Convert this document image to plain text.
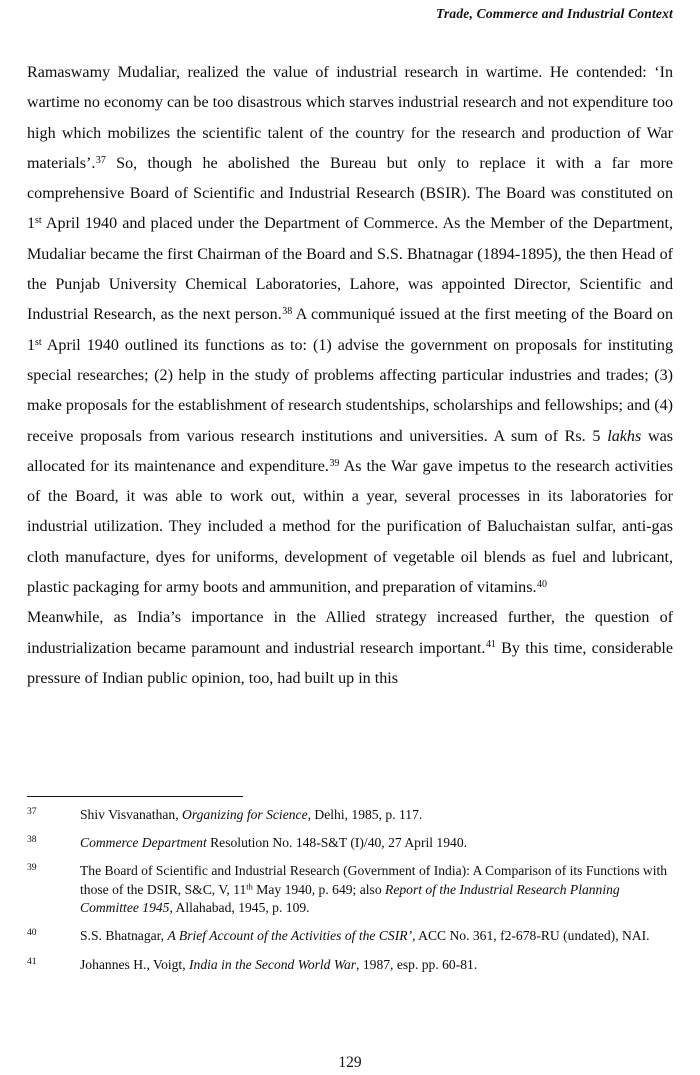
Trade, Commerce and Industrial Context

Ramaswamy Mudaliar, realized the value of industrial research in wartime. He contended: ‘In wartime no economy can be too disastrous which starves industrial research and not expenditure too high which mobilizes the scientific talent of the country for the research and production of War materials’.$^{37}$ So, though he abolished the Bureau but only to replace it with a far more comprehensive Board of Scientific and Industrial Research (BSIR). The Board was constituted on 1st April 1940 and placed under the Department of Commerce. As the Member of the Department, Mudaliar became the first Chairman of the Board and S.S. Bhatnagar (1894-1895), the then Head of the Punjab University Chemical Laboratories, Lahore, was appointed Director, Scientific and Industrial Research, as the next person.$^{38}$ A communiqué issued at the first meeting of the Board on 1st April 1940 outlined its functions as to: (1) advise the government on proposals for instituting special researches; (2) help in the study of problems affecting particular industries and trades; (3) make proposals for the establishment of research studentships, scholarships and fellowships; and (4) receive proposals from various research institutions and universities. A sum of Rs. 5 lakhs was allocated for its maintenance and expenditure.$^{39}$ As the War gave impetus to the research activities of the Board, it was able to work out, within a year, several processes in its laboratories for industrial utilization. They included a method for the purification of Baluchaistan sulfar, anti-gas cloth manufacture, dyes for uniforms, development of vegetable oil blends as fuel and lubricant, plastic packaging for army boots and ammunition, and preparation of vitamins.$^{40}$

Meanwhile, as India’s importance in the Allied strategy increased further, the question of industrialization became paramount and industrial research important.$^{41}$ By this time, considerable pressure of Indian public opinion, too, had built up in this

37	Shiv Visvanathan, Organizing for Science, Delhi, 1985, p. 117.
38	Commerce Department Resolution No. 148-S&T (I)/40, 27 April 1940.
39	The Board of Scientific and Industrial Research (Government of India): A Comparison of its Functions with those of the DSIR, S&C, V, 11th May 1940, p. 649; also Report of the Industrial Research Planning Committee 1945, Allahabad, 1945, p. 109.
40	S.S. Bhatnagar, A Brief Account of the Activities of the CSIR’, ACC No. 361, f2-678-RU (undated), NAI.
41	Johannes H., Voigt, India in the Second World War, 1987, esp. pp. 60-81.
129
